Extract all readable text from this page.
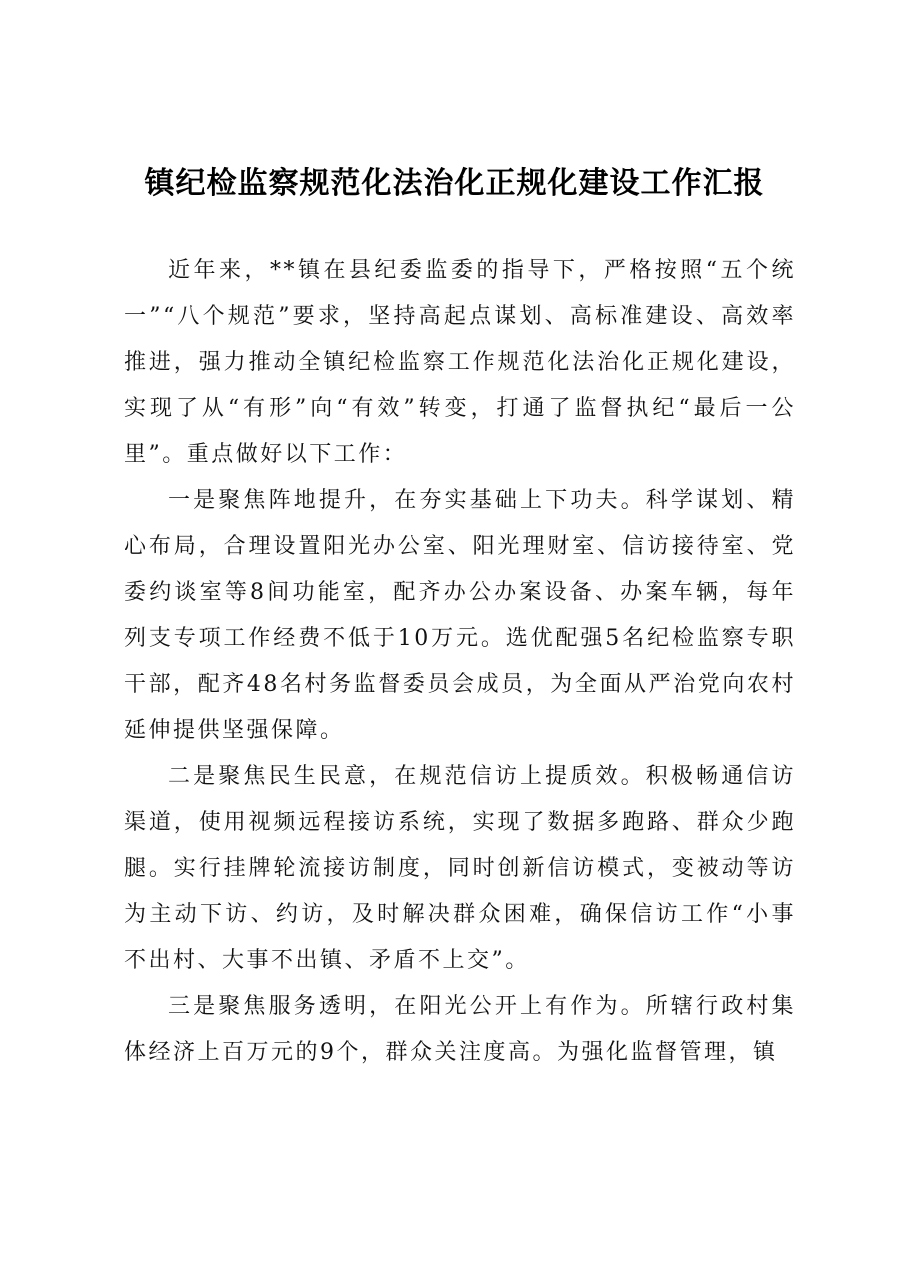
镇纪检监察规范化法治化正规化建设工作汇报

近年来，**镇在县纪委监委的指导下，严格按照“五个统一”“八个规范”要求，坚持高起点谋划、高标准建设、高效率推进，强力推动全镇纪检监察工作规范化法治化正规化建设，实现了从“有形”向“有效”转变，打通了监督执纪“最后一公里”。重点做好以下工作：

一是聚焦阵地提升，在夯实基础上下功夫。科学谋划、精心布局，合理设置阳光办公室、阳光理财室、信访接待室、党委约谈室等8间功能室，配齐办公办案设备、办案车辆，每年列支专项工作经费不低于10万元。选优配强5名纪检监察专职干部，配齐48名村务监督委员会成员，为全面从严治党向农村延伸提供坚强保障。

二是聚焦民生民意，在规范信访上提质效。积极畅通信访渠道，使用视频远程接访系统，实现了数据多跑路、群众少跑腿。实行挂牌轮流接访制度，同时创新信访模式，变被动等访为主动下访、约访，及时解决群众困难，确保信访工作“小事不出村、大事不出镇、矛盾不上交”。

三是聚焦服务透明，在阳光公开上有作为。所辖行政村集体经济上百万元的9个，群众关注度高。为强化监督管理，镇
